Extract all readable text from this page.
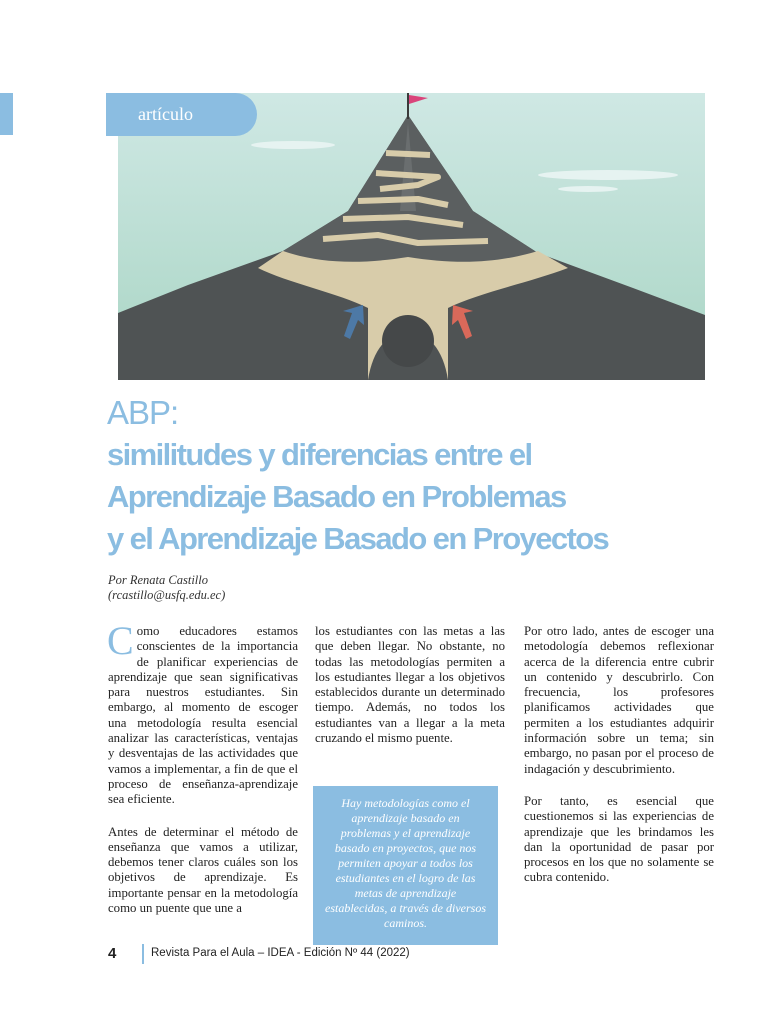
artículo
ABP:
similitudes y diferencias entre el
Aprendizaje Basado en Problemas
y el Aprendizaje Basado en Proyectos
Por Renata Castillo
(rcastillo@usfq.edu.ec)

Como educadores estamos conscientes de la importancia de planificar experiencias de aprendizaje que sean significativas para nuestros estudiantes. Sin embargo, al momento de escoger una metodología resulta esencial analizar las características, ventajas y desventajas de las actividades que vamos a implementar, a fin de que el proceso de enseñanza-aprendizaje sea eficiente.

Antes de determinar el método de enseñanza que vamos a utilizar, debemos tener claros cuáles son los objetivos de aprendizaje. Es importante pensar en la metodología como un puente que une a

los estudiantes con las metas a las que deben llegar. No obstante, no todas las metodologías permiten a los estudiantes llegar a los objetivos establecidos durante un determinado tiempo. Además, no todos los estudiantes van a llegar a la meta cruzando el mismo puente.

Hay metodologías como el aprendizaje basado en problemas y el aprendizaje basado en proyectos, que nos permiten apoyar a todos los estudiantes en el logro de las metas de aprendizaje establecidas, a través de diversos caminos.

Por otro lado, antes de escoger una metodología debemos reflexionar acerca de la diferencia entre cubrir un contenido y descubrirlo. Con frecuencia, los profesores planificamos actividades que permiten a los estudiantes adquirir información sobre un tema; sin embargo, no pasan por el proceso de indagación y descubrimiento.

Por tanto, es esencial que cuestionemos si las experiencias de aprendizaje que les brindamos les dan la oportunidad de pasar por procesos en los que no solamente se cubra contenido.

4	Revista Para el Aula – IDEA - Edición Nº 44 (2022)
